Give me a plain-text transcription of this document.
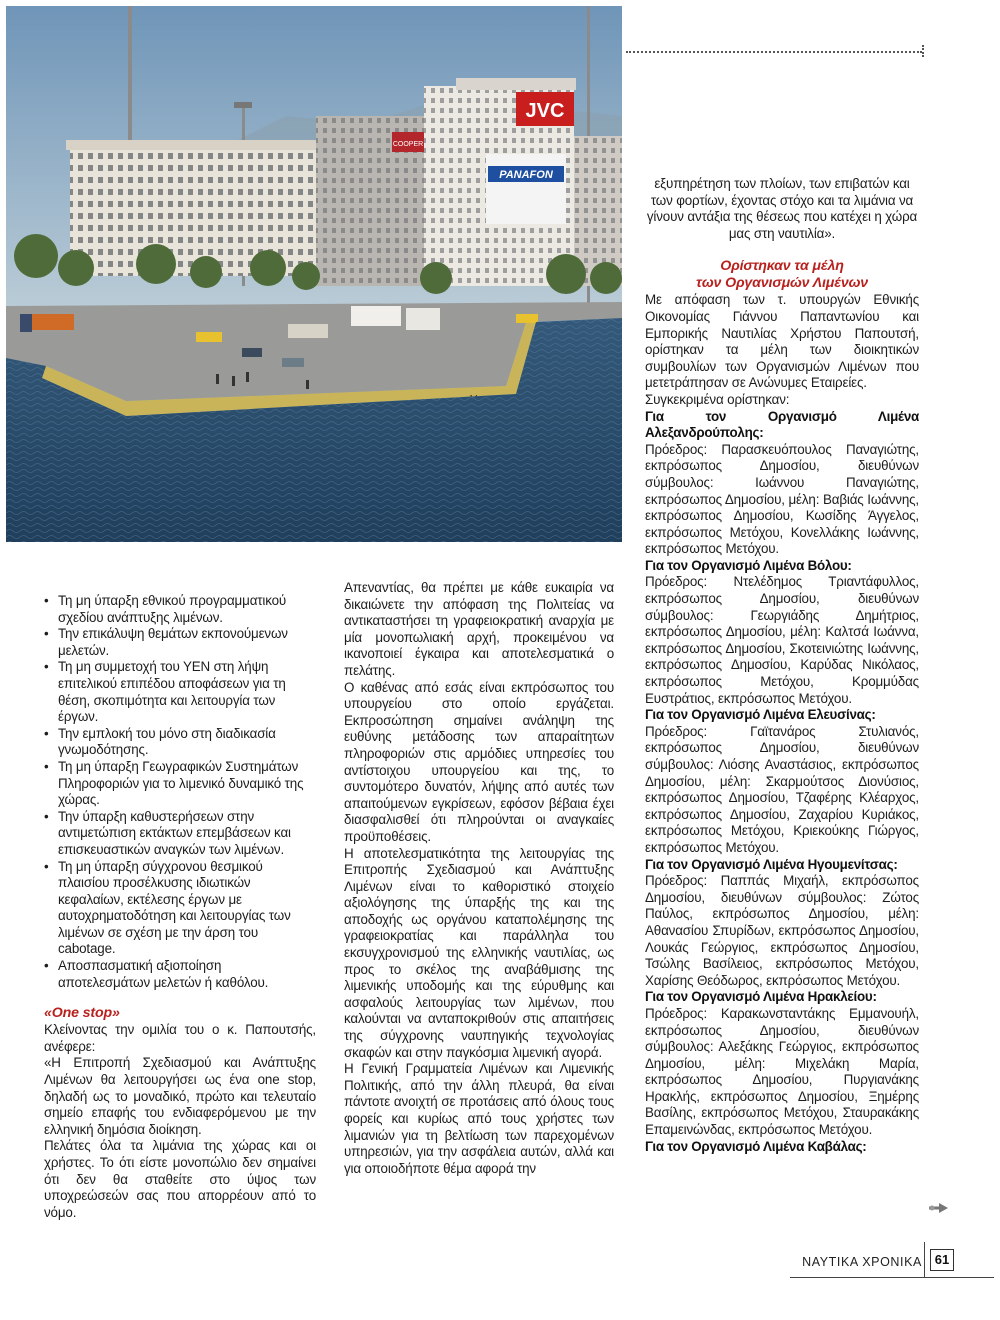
JVC
COOPER
PANAFON

• Τη μη ύπαρξη εθνικού προγραμματικού σχεδίου ανάπτυξης λιμένων.

• Την επικάλυψη θεμάτων εκπονούμενων μελετών.

• Τη μη συμμετοχή του ΥΕΝ στη λήψη επιτελικού επιπέδου αποφάσεων για τη θέση, σκοπιμότητα και λειτουργία των έργων.

• Την εμπλοκή του μόνο στη διαδικασία γνωμοδότησης.

• Τη μη ύπαρξη Γεωγραφικών Συστημάτων Πληροφοριών για το λιμενικό δυναμικό της χώρας.

• Την ύπαρξη καθυστερήσεων στην αντιμετώπιση εκτάκτων επεμβάσεων και επισκευαστικών αναγκών των λιμένων.

• Τη μη ύπαρξη σύγχρονου θεσμικού πλαισίου προσέλκυσης ιδιωτικών κεφαλαίων, εκτέλεσης έργων με αυτοχρηματοδότηση και λειτουργίας των λιμένων σε σχέση με την άρση του cabotage.

• Αποσπασματική αξιοποίηση αποτελεσμάτων μελετών ή καθόλου.

«One stop»

Κλείνοντας την ομιλία του ο κ. Παπουτσής, ανέφερε:

«Η Επιτροπή Σχεδιασμού και Ανάπτυξης Λιμένων θα λειτουργήσει ως ένα one stop, δηλαδή ως το μοναδικό, πρώτο και τελευταίο σημείο επαφής του ενδιαφερόμενου με την ελληνική δημόσια διοίκηση.

Πελάτες όλα τα λιμάνια της χώρας και οι χρήστες. Το ότι είστε μονοπώλιο δεν σημαίνει ότι δεν θα σταθείτε στο ύψος των υποχρεώσεών σας που απορρέουν από το νόμο.

Απεναντίας, θα πρέπει με κάθε ευκαιρία να δικαιώνετε την απόφαση της Πολιτείας να αντικαταστήσει τη γραφειοκρατική αναρχία με μία μονοπωλιακή αρχή, προκειμένου να ικανοποιεί έγκαιρα και αποτελεσματικά ο πελάτης.

Ο καθένας από εσάς είναι εκπρόσωπος του υπουργείου στο οποίο εργάζεται. Εκπροσώπηση σημαίνει ανάληψη της ευθύνης μετάδοσης των απαραίτητων πληροφοριών στις αρμόδιες υπηρεσίες του αντίστοιχου υπουργείου και της, το συντομότερο δυνατόν, λήψης από αυτές των απαιτούμενων εγκρίσεων, εφόσον βέβαια έχει διασφαλισθεί ότι πληρούνται οι αναγκαίες προϋποθέσεις.

Η αποτελεσματικότητα της λειτουργίας της Επιτροπής Σχεδιασμού και Ανάπτυξης Λιμένων είναι το καθοριστικό στοιχείο αξιολόγησης της ύπαρξής της και της αποδοχής ως οργάνου καταπολέμησης της γραφειοκρατίας και παράλληλα του εκσυγχρονισμού της ελληνικής ναυτιλίας, ως προς το σκέλος της αναβάθμισης της λιμενικής υποδομής και της εύρυθμης και ασφαλούς λειτουργίας των λιμένων, που καλούνται να ανταποκριθούν στις απαιτήσεις της σύγχρονης ναυπηγικής τεχνολογίας σκαφών και στην παγκόσμια λιμενική αγορά.

Η Γενική Γραμματεία Λιμένων και Λιμενικής Πολιτικής, από την άλλη πλευρά, θα είναι πάντοτε ανοιχτή σε προτάσεις από όλους τους φορείς και κυρίως από τους χρήστες των λιμανιών για τη βελτίωση των παρεχομένων υπηρεσιών, για την ασφάλεια αυτών, αλλά και για οποιοδήποτε θέμα αφορά την

εξυπηρέτηση των πλοίων, των επιβατών και των φορτίων, έχοντας στόχο και τα λιμάνια να γίνουν αντάξια της θέσεως που κατέχει η χώρα μας στη ναυτιλία».

Ορίστηκαν τα μέλη
των Οργανισμών Λιμένων

Με απόφαση των τ. υπουργών Εθνικής Οικονομίας Γιάννου Παπαντωνίου και Εμπορικής Ναυτιλίας Χρήστου Παπουτσή, ορίστηκαν τα μέλη των διοικητικών συμβουλίων των Οργανισμών Λιμένων που μετετράπησαν σε Ανώνυμες Εταιρείες.

Συγκεκριμένα ορίστηκαν:

Για τον Οργανισμό Λιμένα Αλεξανδρούπολης:

Πρόεδρος: Παρασκευόπουλος Παναγιώτης, εκπρόσωπος Δημοσίου, διευθύνων σύμβουλος: Ιωάννου Παναγιώτης, εκπρόσωπος Δημοσίου, μέλη: Βαβιάς Ιωάννης, εκπρόσωπος Δημοσίου, Κωσίδης Άγγελος, εκπρόσωπος Μετόχου, Κονελλάκης Ιωάννης, εκπρόσωπος Μετόχου.

Για τον Οργανισμό Λιμένα Βόλου:

Πρόεδρος: Ντελέδημος Τριαντάφυλλος, εκπρόσωπος Δημοσίου, διευθύνων σύμβουλος: Γεωργιάδης Δημήτριος, εκπρόσωπος Δημοσίου, μέλη: Καλτσά Ιωάννα, εκπρόσωπος Δημοσίου, Σκοτεινιώτης Ιωάννης, εκπρόσωπος Δημοσίου, Καρύδας Νικόλαος, εκπρόσωπος Μετόχου, Κρομμύδας Ευστράτιος, εκπρόσωπος Μετόχου.

Για τον Οργανισμό Λιμένα Ελευσίνας:

Πρόεδρος: Γαϊτανάρος Στυλιανός, εκπρόσωπος Δημοσίου, διευθύνων σύμβουλος: Λιόσης Αναστάσιος, εκπρόσωπος Δημοσίου, μέλη: Σκαρμούτσος Διονύσιος, εκπρόσωπος Δημοσίου, Τζαφέρης Κλέαρχος, εκπρόσωπος Δημοσίου, Ζαχαρίου Κυριάκος, εκπρόσωπος Μετόχου, Κριεκούκης Γιώργος, εκπρόσωπος Μετόχου.

Για τον Οργανισμό Λιμένα Ηγουμενίτσας:

Πρόεδρος: Παππάς Μιχαήλ, εκπρόσωπος Δημοσίου, διευθύνων σύμβουλος: Ζώτος Παύλος, εκπρόσωπος Δημοσίου, μέλη: Αθανασίου Σπυρίδων, εκπρόσωπος Δημοσίου, Λουκάς Γεώργιος, εκπρόσωπος Δημοσίου, Τσώλης Βασίλειος, εκπρόσωπος Μετόχου, Χαρίσης Θεόδωρος, εκπρόσωπος Μετόχου.

Για τον Οργανισμό Λιμένα Ηρακλείου:

Πρόεδρος: Καρακωνσταντάκης Εμμανουήλ, εκπρόσωπος Δημοσίου, διευθύνων σύμβουλος: Αλεξάκης Γεώργιος, εκπρόσωπος Δημοσίου, μέλη: Μιχελάκη Μαρία, εκπρόσωπος Δημοσίου, Πυργιανάκης Ηρακλής, εκπρόσωπος Δημοσίου, Ξημέρης Βασίλης, εκπρόσωπος Μετόχου, Σταυρακάκης Επαμεινώνδας, εκπρόσωπος Μετόχου.

Για τον Οργανισμό Λιμένα Καβάλας:

ΝΑΥΤΙΚΑ ΧΡΟΝΙΚΑ 61
